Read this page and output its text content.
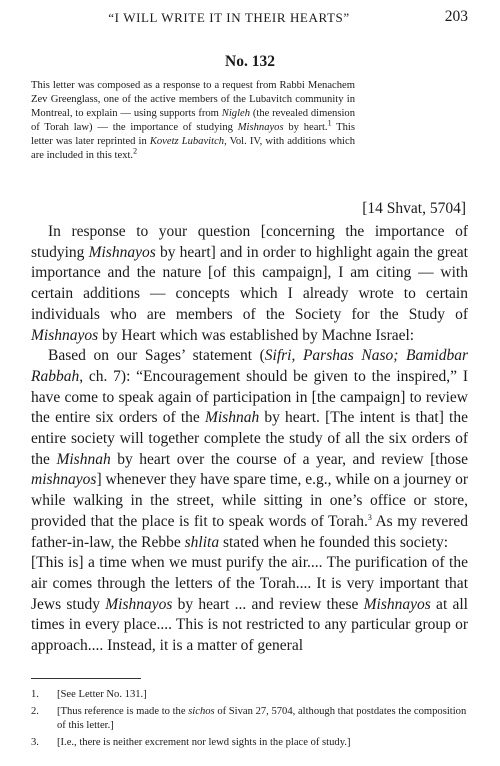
“I WILL WRITE IT IN THEIR HEARTS”	203
No. 132
This letter was composed as a response to a request from Rabbi Menachem Zev Greenglass, one of the active members of the Lubavitch community in Montreal, to explain — using supports from Nigleh (the revealed dimension of Torah law) — the importance of studying Mishnayos by heart.$^1$ This letter was later reprinted in Kovetz Lubavitch, Vol. IV, with additions which are included in this text.$^2$
[14 Shvat, 5704]

In response to your question [concerning the importance of studying Mishnayos by heart] and in order to highlight again the great importance and the nature [of this campaign], I am citing — with certain additions — concepts which I already wrote to certain individuals who are members of the Society for the Study of Mishnayos by Heart which was established by Machne Israel:

Based on our Sages’ statement (Sifri, Parshas Naso; Bamidbar Rabbah, ch. 7): “Encouragement should be given to the inspired,” I have come to speak again of participation in [the campaign] to review the entire six orders of the Mishnah by heart. [The intent is that] the entire society will together complete the study of all the six orders of the Mishnah by heart over the course of a year, and review [those mishnayos] whenever they have spare time, e.g., while on a journey or while walking in the street, while sitting in one’s office or store, provided that the place is fit to speak words of Torah.$^3$ As my revered father-in-law, the Rebbe shlita stated when he founded this society:

[This is] a time when we must purify the air.... The purification of the air comes through the letters of the Torah.... It is very important that Jews study Mishnayos by heart ... and review these Mishnayos at all times in every place.... This is not restricted to any particular group or approach.... Instead, it is a matter of general

1.	[See Letter No. 131.]
2.	[Thus reference is made to the sichos of Sivan 27, 5704, although that postdates the composition of this letter.]
3.	[I.e., there is neither excrement nor lewd sights in the place of study.]
